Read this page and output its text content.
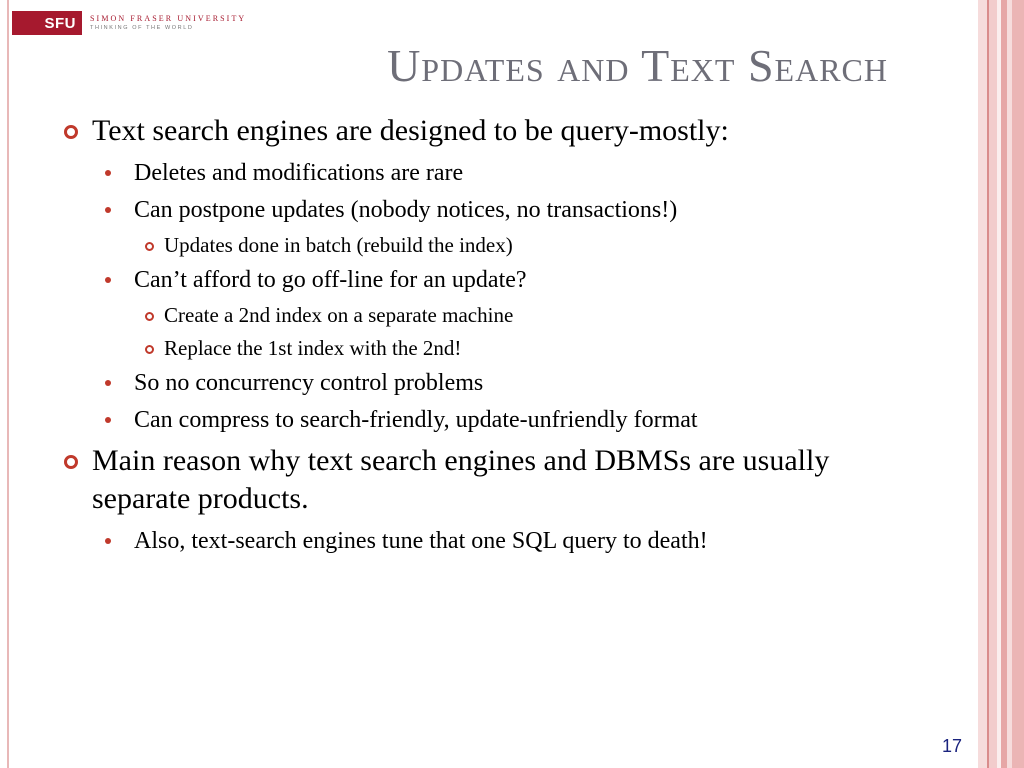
SFU	SIMON FRASER UNIVERSITY
THINKING OF THE WORLD
Updates and Text Search
Text search engines are designed to be query-mostly:
Deletes and modifications are rare
Can postpone updates (nobody notices, no transactions!)
Updates done in batch (rebuild the index)
Can’t afford to go off-line for an update?
Create a 2nd index on a separate machine
Replace the 1st index with the 2nd!
So no concurrency control problems
Can compress to search-friendly, update-unfriendly format
Main reason why text search engines and DBMSs are usually separate products.
Also, text-search engines tune that one SQL query to death!
17
